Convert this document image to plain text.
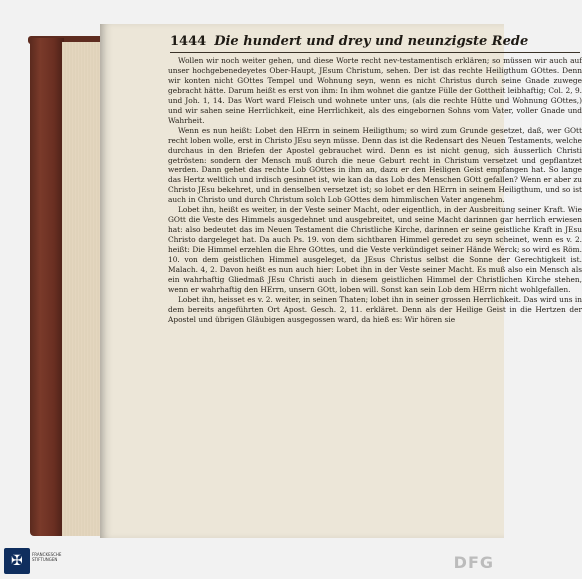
1444 Die hundert und drey und neunzigste Rede

Wollen wir noch weiter gehen, und diese Worte recht nev-testamentisch erklären; so müssen wir auch auf unser hochgebenedeyetes Ober-Haupt, JEsum Christum, sehen. Der ist das rechte Heiligthum GOttes. Denn wir konten nicht GOttes Tempel und Wohnung seyn, wenn es nicht Christus durch seine Gnade zuwege gebracht hätte. Darum heißt es erst von ihm: In ihm wohnet die gantze Fülle der Gottheit leibhaftig; Col. 2, 9. und Joh. 1, 14. Das Wort ward Fleisch und wohnete unter uns, (als die rechte Hütte und Wohnung GOttes,) und wir sahen seine Herrlichkeit, eine Herrlichkeit, als des eingebornen Sohns vom Vater, voller Gnade und Wahrheit.

Wenn es nun heißt: Lobet den HErrn in seinem Heiligthum; so wird zum Grunde gesetzet, daß, wer GOtt recht loben wolle, erst in Christo JEsu seyn müsse. Denn das ist die Redensart des Neuen Testaments, welche durchaus in den Briefen der Apostel gebrauchet wird. Denn es ist nicht genug, sich äusserlich Christi getrösten: sondern der Mensch muß durch die neue Geburt recht in Christum versetzet und gepflantzet werden. Dann gehet das rechte Lob GOttes in ihm an, dazu er den Heiligen Geist empfangen hat. So lange das Hertz weltlich und irdisch gesinnet ist, wie kan da das Lob des Menschen GOtt gefallen? Wenn er aber zu Christo JEsu bekehret, und in denselben versetzet ist; so lobet er den HErrn in seinem Heiligthum, und so ist auch in Christo und durch Christum solch Lob GOttes dem himmlischen Vater angenehm.

Lobet ihn, heißt es weiter, in der Veste seiner Macht, oder eigentlich, in der Ausbreitung seiner Kraft. Wie GOtt die Veste des Himmels ausgedehnet und ausgebreitet, und seine Macht darinnen gar herrlich erwiesen hat: also bedeutet das im Neuen Testament die Christliche Kirche, darinnen er seine geistliche Kraft in JEsu Christo dargeleget hat. Da auch Ps. 19. von dem sichtbaren Himmel geredet zu seyn scheinet, wenn es v. 2. heißt: Die Himmel erzehlen die Ehre GOttes, und die Veste verkündiget seiner Hände Werck; so wird es Röm. 10. von dem geistlichen Himmel ausgeleget, da JEsus Christus selbst die Sonne der Gerechtigkeit ist. Malach. 4, 2. Davon heißt es nun auch hier: Lobet ihn in der Veste seiner Macht. Es muß also ein Mensch als ein wahrhaftig Gliedmaß JEsu Christi auch in diesem geistlichen Himmel der Christlichen Kirche stehen, wenn er wahrhaftig den HErrn, unsern GOtt, loben will. Sonst kan sein Lob dem HErrn nicht wohlgefallen.

Lobet ihn, heisset es v. 2. weiter, in seinen Thaten; lobet ihn in seiner grossen Herrlichkeit. Das wird uns in dem bereits angeführten Ort Apost. Gesch. 2, 11. erkläret. Denn als der Heilige Geist in die Hertzen der Apostel und übrigen Gläubigen ausgegossen ward, da hieß es: Wir hören sie

✠ FRANCKESCHE STIFTUNGEN	DFG
